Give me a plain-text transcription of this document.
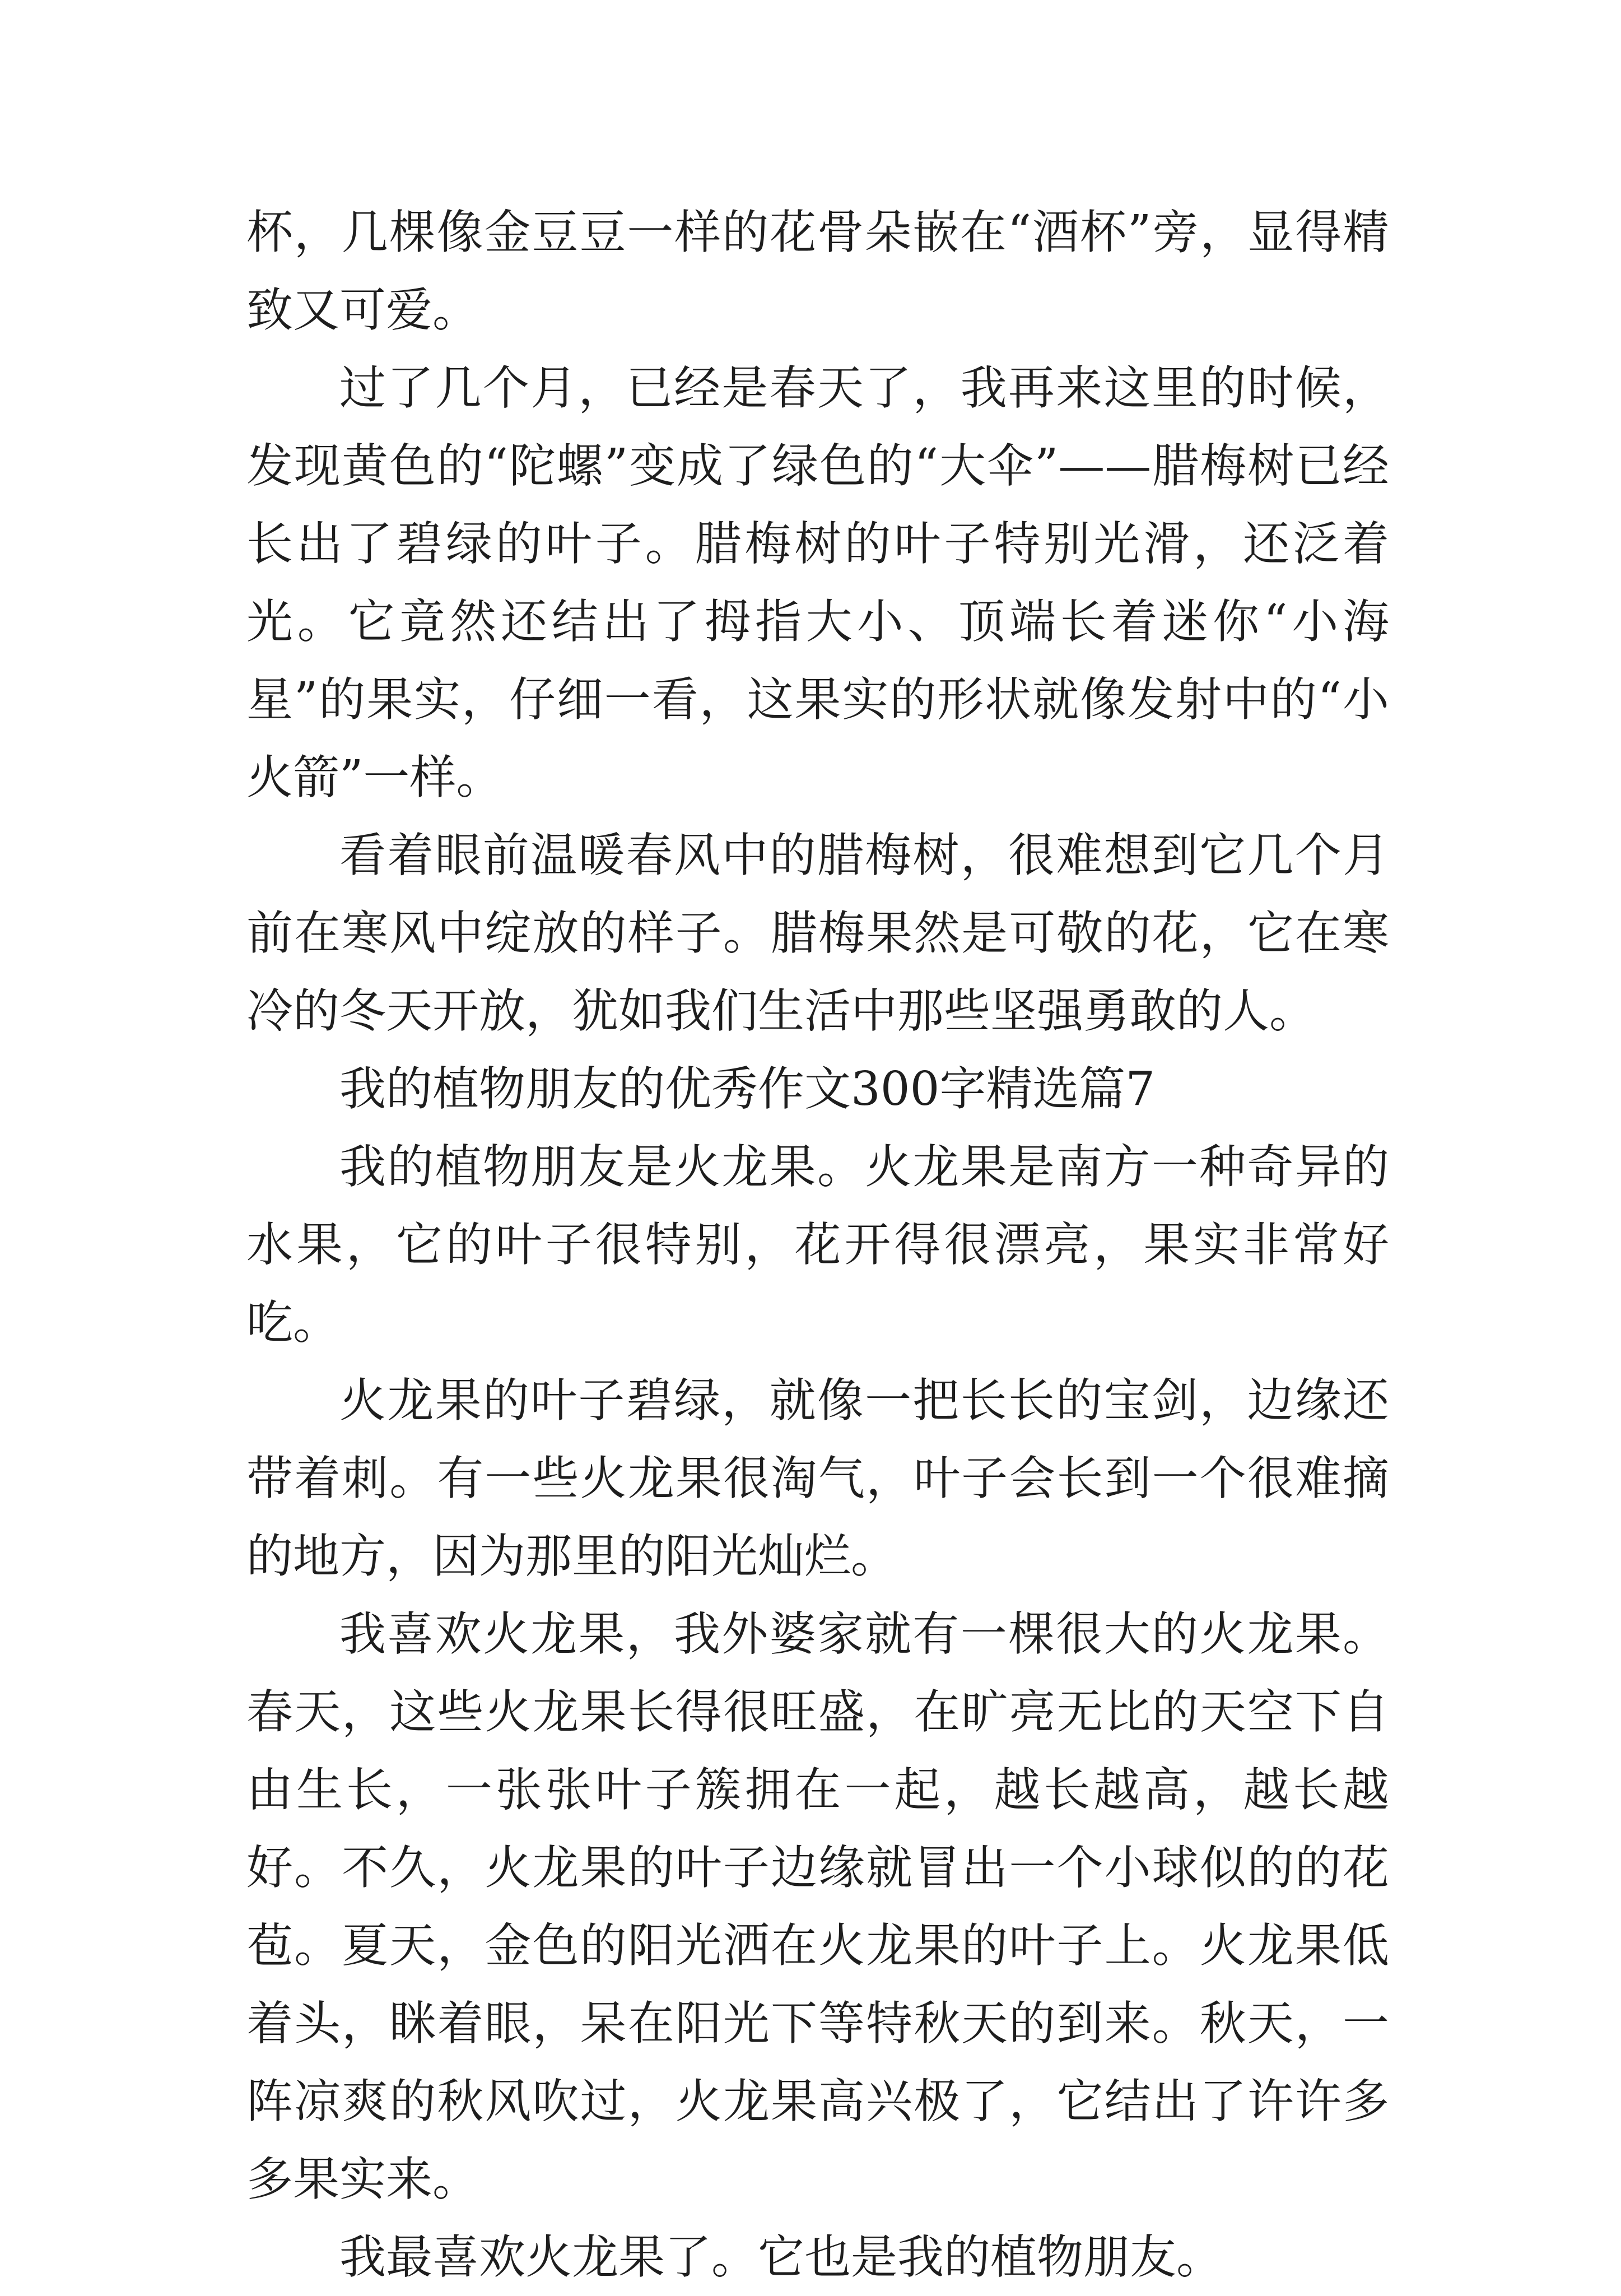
杯，几棵像金豆豆一样的花骨朵嵌在“酒杯”旁，显得精致又可爱。

过了几个月，已经是春天了，我再来这里的时候，发现黄色的“陀螺”变成了绿色的“大伞”——腊梅树已经长出了碧绿的叶子。腊梅树的叶子特别光滑，还泛着光。它竟然还结出了拇指大小、顶端长着迷你“小海星”的果实，仔细一看，这果实的形状就像发射中的“小火箭”一样。

看着眼前温暖春风中的腊梅树，很难想到它几个月前在寒风中绽放的样子。腊梅果然是可敬的花，它在寒冷的冬天开放，犹如我们生活中那些坚强勇敢的人。

我的植物朋友的优秀作文300字精选篇7

我的植物朋友是火龙果。火龙果是南方一种奇异的水果，它的叶子很特别，花开得很漂亮，果实非常好吃。

火龙果的叶子碧绿，就像一把长长的宝剑，边缘还带着刺。有一些火龙果很淘气，叶子会长到一个很难摘的地方，因为那里的阳光灿烂。

我喜欢火龙果，我外婆家就有一棵很大的火龙果。春天，这些火龙果长得很旺盛，在旷亮无比的天空下自由生长，一张张叶子簇拥在一起，越长越高，越长越好。不久，火龙果的叶子边缘就冒出一个小球似的的花苞。夏天，金色的阳光洒在火龙果的叶子上。火龙果低着头，眯着眼，呆在阳光下等特秋天的到来。秋天，一阵凉爽的秋风吹过，火龙果高兴极了，它结出了许许多多果实来。

我最喜欢火龙果了。它也是我的植物朋友。
